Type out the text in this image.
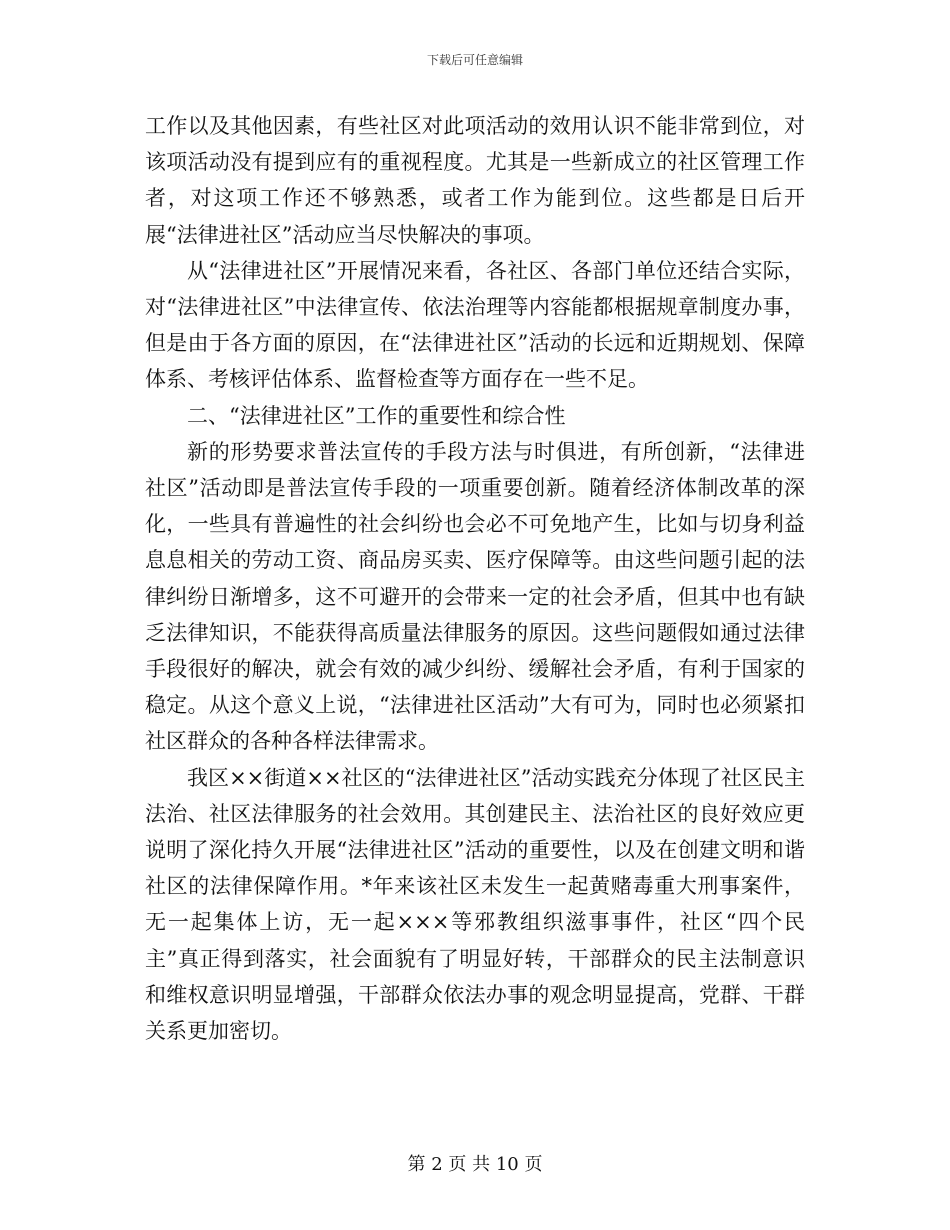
下载后可任意编辑

工作以及其他因素，有些社区对此项活动的效用认识不能非常到位，对该项活动没有提到应有的重视程度。尤其是一些新成立的社区管理工作者，对这项工作还不够熟悉，或者工作为能到位。这些都是日后开展“法律进社区”活动应当尽快解决的事项。

从“法律进社区”开展情况来看，各社区、各部门单位还结合实际，对“法律进社区”中法律宣传、依法治理等内容能都根据规章制度办事，但是由于各方面的原因，在“法律进社区”活动的长远和近期规划、保障体系、考核评估体系、监督检查等方面存在一些不足。

二、“法律进社区”工作的重要性和综合性

新的形势要求普法宣传的手段方法与时俱进，有所创新，“法律进社区”活动即是普法宣传手段的一项重要创新。随着经济体制改革的深化，一些具有普遍性的社会纠纷也会必不可免地产生，比如与切身利益息息相关的劳动工资、商品房买卖、医疗保障等。由这些问题引起的法律纠纷日渐增多，这不可避开的会带来一定的社会矛盾，但其中也有缺乏法律知识，不能获得高质量法律服务的原因。这些问题假如通过法律手段很好的解决，就会有效的减少纠纷、缓解社会矛盾，有利于国家的稳定。从这个意义上说，“法律进社区活动”大有可为，同时也必须紧扣社区群众的各种各样法律需求。

我区××街道××社区的“法律进社区”活动实践充分体现了社区民主法治、社区法律服务的社会效用。其创建民主、法治社区的良好效应更说明了深化持久开展“法律进社区”活动的重要性，以及在创建文明和谐社区的法律保障作用。*年来该社区未发生一起黄赌毒重大刑事案件，无一起集体上访，无一起×××等邪教组织滋事事件，社区“四个民主”真正得到落实，社会面貌有了明显好转，干部群众的民主法制意识和维权意识明显增强，干部群众依法办事的观念明显提高，党群、干群关系更加密切。

第 2 页 共 10 页
